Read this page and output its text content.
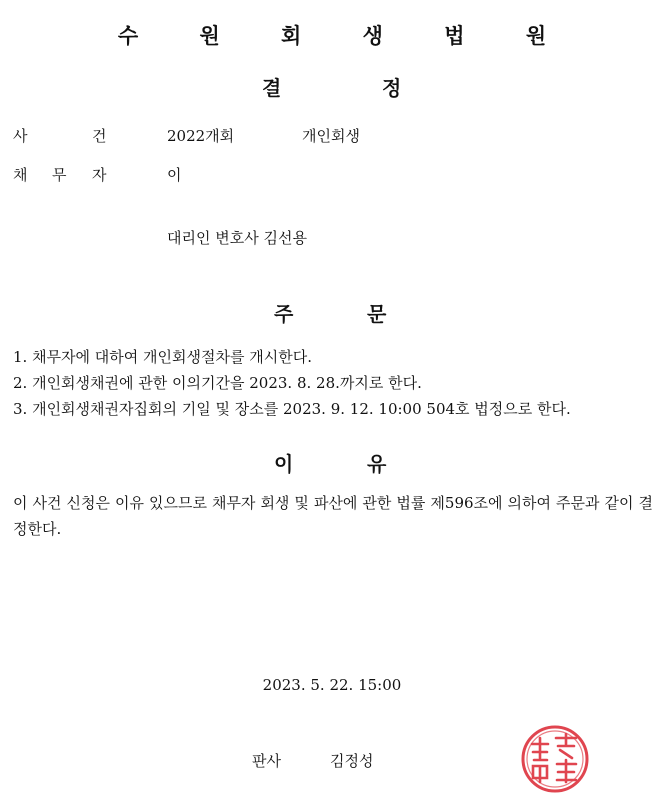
수 원 회 생 법 원
결	정
사	건	2022개회	개인회생
채 무 자	이
대리인 변호사 김선용
주	문
1. 채무자에 대하여 개인회생절차를 개시한다.
2. 개인회생채권에 관한 이의기간을 2023. 8. 28.까지로 한다.
3. 개인회생채권자집회의 기일 및 장소를 2023. 9. 12. 10:00 504호 법정으로 한다.
이	유
이 사건 신청은 이유 있으므로 채무자 회생 및 파산에 관한 법률 제596조에 의하여 주문과 같이 결정한다.
2023. 5. 22. 15:00
판사	김정성
